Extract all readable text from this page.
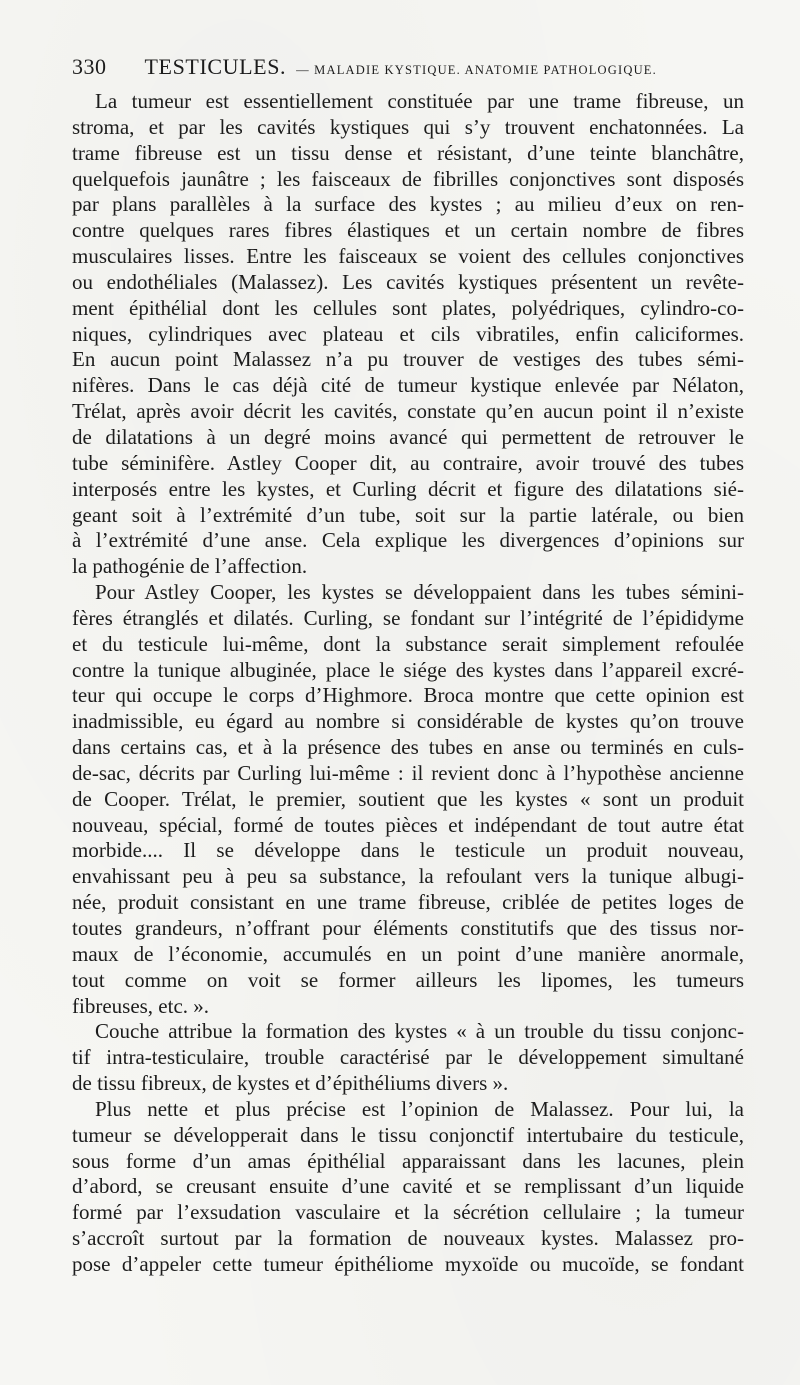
330 TESTICULES. — MALADIE KYSTIQUE. ANATOMIE PATHOLOGIQUE.
La tumeur est essentiellement constituée par une trame fibreuse, un
stroma, et par les cavités kystiques qui s’y trouvent enchatonnées. La
trame fibreuse est un tissu dense et résistant, d’une teinte blanchâtre,
quelquefois jaunâtre ; les faisceaux de fibrilles conjonctives sont disposés
par plans parallèles à la surface des kystes ; au milieu d’eux on ren-
contre quelques rares fibres élastiques et un certain nombre de fibres
musculaires lisses. Entre les faisceaux se voient des cellules conjonctives
ou endothéliales (Malassez). Les cavités kystiques présentent un revête-
ment épithélial dont les cellules sont plates, polyédriques, cylindro-co-
niques, cylindriques avec plateau et cils vibratiles, enfin caliciformes.
En aucun point Malassez n’a pu trouver de vestiges des tubes sémi-
nifères. Dans le cas déjà cité de tumeur kystique enlevée par Nélaton,
Trélat, après avoir décrit les cavités, constate qu’en aucun point il n’existe
de dilatations à un degré moins avancé qui permettent de retrouver le
tube séminifère. Astley Cooper dit, au contraire, avoir trouvé des tubes
interposés entre les kystes, et Curling décrit et figure des dilatations sié-
geant soit à l’extrémité d’un tube, soit sur la partie latérale, ou bien
à l’extrémité d’une anse. Cela explique les divergences d’opinions sur
la pathogénie de l’affection.
Pour Astley Cooper, les kystes se développaient dans les tubes sémini-
fères étranglés et dilatés. Curling, se fondant sur l’intégrité de l’épididyme
et du testicule lui-même, dont la substance serait simplement refoulée
contre la tunique albuginée, place le siége des kystes dans l’appareil excré-
teur qui occupe le corps d’Highmore. Broca montre que cette opinion est
inadmissible, eu égard au nombre si considérable de kystes qu’on trouve
dans certains cas, et à la présence des tubes en anse ou terminés en culs-
de-sac, décrits par Curling lui-même : il revient donc à l’hypothèse ancienne
de Cooper. Trélat, le premier, soutient que les kystes « sont un produit
nouveau, spécial, formé de toutes pièces et indépendant de tout autre état
morbide.... Il se développe dans le testicule un produit nouveau,
envahissant peu à peu sa substance, la refoulant vers la tunique albugi-
née, produit consistant en une trame fibreuse, criblée de petites loges de
toutes grandeurs, n’offrant pour éléments constitutifs que des tissus nor-
maux de l’économie, accumulés en un point d’une manière anormale,
tout comme on voit se former ailleurs les lipomes, les tumeurs
fibreuses, etc. ».
Couche attribue la formation des kystes « à un trouble du tissu conjonc-
tif intra-testiculaire, trouble caractérisé par le développement simultané
de tissu fibreux, de kystes et d’épithéliums divers ».
Plus nette et plus précise est l’opinion de Malassez. Pour lui, la
tumeur se développerait dans le tissu conjonctif intertubaire du testicule,
sous forme d’un amas épithélial apparaissant dans les lacunes, plein
d’abord, se creusant ensuite d’une cavité et se remplissant d’un liquide
formé par l’exsudation vasculaire et la sécrétion cellulaire ; la tumeur
s’accroît surtout par la formation de nouveaux kystes. Malassez pro-
pose d’appeler cette tumeur épithéliome myxoïde ou mucoïde, se fondant
